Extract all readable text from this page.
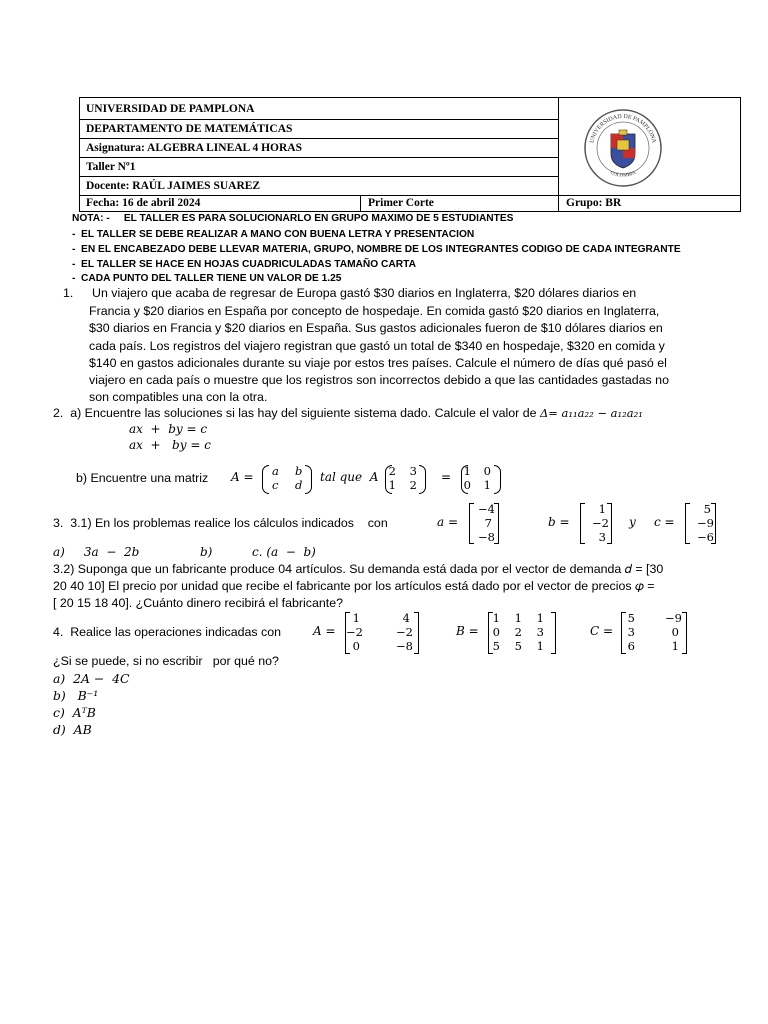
UNIVERSIDAD DE PAMPLONA
DEPARTAMENTO DE MATEMÁTICAS
Asignatura: ALGEBRA LINEAL 4 HORAS
Taller Nº1
Docente: RAÚL JAIMES SUAREZ
Fecha: 16 de abril 2024	Primer Corte	Grupo: BR
UNIVERSIDAD DE PAMPLONA
COLOMBIA
NOTA: -     EL TALLER ES PARA SOLUCIONARLO EN GRUPO MAXIMO DE 5 ESTUDIANTES
-  EL TALLER SE DEBE REALIZAR A MANO CON BUENA LETRA Y PRESENTACION
-  EN EL ENCABEZADO DEBE LLEVAR MATERIA, GRUPO, NOMBRE DE LOS INTEGRANTES CODIGO DE CADA INTEGRANTE
-  EL TALLER SE HACE EN HOJAS CUADRICULADAS TAMAÑO CARTA
-  CADA PUNTO DEL TALLER TIENE UN VALOR DE 1.25
1. Un viajero que acaba de regresar de Europa gastó $30 diarios en Inglaterra, $20 dólares diarios en
Francia y $20 diarios en España por concepto de hospedaje. En comida gastó $20 diarios en Inglaterra,
$30 diarios en Francia y $20 diarios en España. Sus gastos adicionales fueron de $10 dólares diarios en
cada país. Los registros del viajero registran que gastó un total de $340 en hospedaje, $320 en comida y
$140 en gastos adicionales durante su viaje por estos tres países. Calcule el número de días qué pasó el
viajero en cada país o muestre que los registros son incorrectos debido a que las cantidades gastadas no
son compatibles una con la otra.
2.  a) Encuentre las soluciones si las hay del siguiente sistema dado. Calcule el valor de Δ= 𝑎₁₁𝑎₂₂ − 𝑎₁₂𝑎₂₁
𝑎𝑥  +  𝑏𝑦 = 𝑐
𝑎𝑥  +   𝑏𝑦 = 𝑐
b) Encuentre una matriz 𝐴 = 𝑎 𝑏
𝑐 𝑑
𝑡𝑎𝑙 𝑞𝑢𝑒  𝐴 2	3
1	2
=	1	0
0	1
3.  3.1) En los problemas realice los cálculos indicados    con	𝑎 =
−4
7
−8
𝑏 =
1
−2
3
𝑦 𝑐 =
5
−9
−6
𝑎)     3𝑎  −  2𝑏	𝑏)	𝑐. (𝑎  −  𝑏)
3.2) Suponga que un fabricante produce 04 artículos. Su demanda está dada por el vector de demanda 𝑑 = [30
20 40 10] El precio por unidad que recibe el fabricante por los artículos está dado por el vector de precios 𝜑 =
[ 20 15 18 40]. ¿Cuánto dinero recibirá el fabricante?
4.  Realice las operaciones indicadas con	𝐴 =
1	4
−2	−2
0	−8
𝐵 =
1	1	1
0	2	3
5	5	1
𝐶 =
5	−9
3	0
6	1
¿Si se puede, si no escribir   por qué no?
a)  2𝐴 −  4𝐶
b)   𝐵⁻¹
c)  𝐴ᵀ𝐵
d)  𝐴𝐵
